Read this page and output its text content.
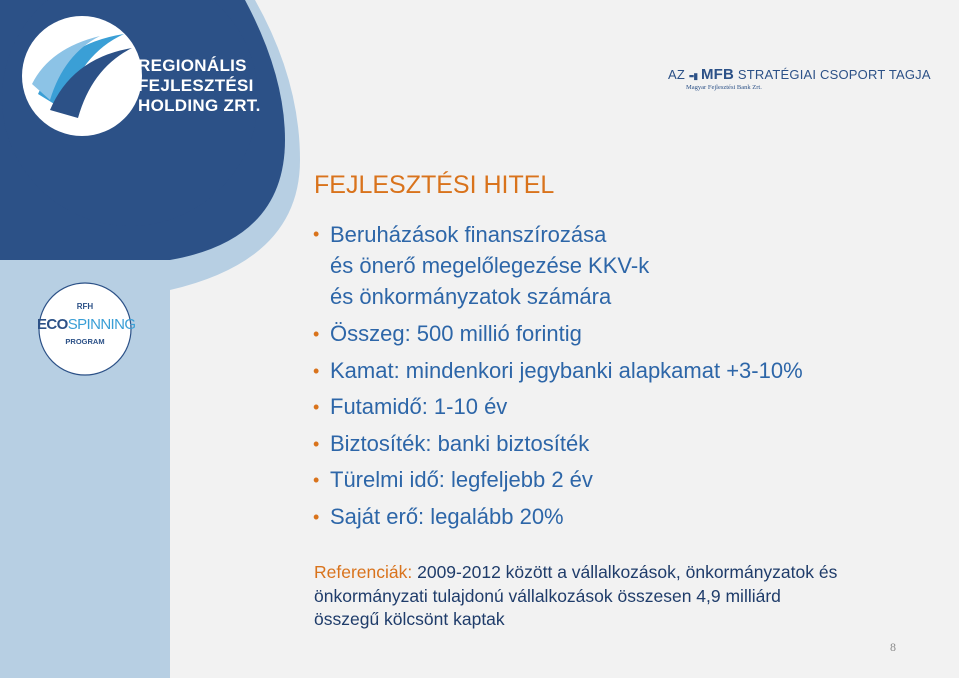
REGIONÁLIS
FEJLESZTÉSI
HOLDING ZRT.
AZ ▪▪▮ MFB STRATÉGIAI CSOPORT TAGJA
Magyar Fejlesztési Bank Zrt.
RFH
ECOSPINNING
PROGRAM
FEJLESZTÉSI HITEL
• Beruházások finanszírozása
és önerő megelőlegezése KKV-k
és önkormányzatok számára
• Összeg: 500 millió forintig
• Kamat: mindenkori jegybanki alapkamat +3-10%
• Futamidő: 1-10 év
• Biztosíték: banki biztosíték
• Türelmi idő: legfeljebb 2 év
• Saját erő: legalább 20%
Referenciák: 2009-2012 között a vállalkozások, önkormányzatok és
önkormányzati tulajdonú vállalkozások összesen 4,9 milliárd
összegű kölcsönt kaptak
8
